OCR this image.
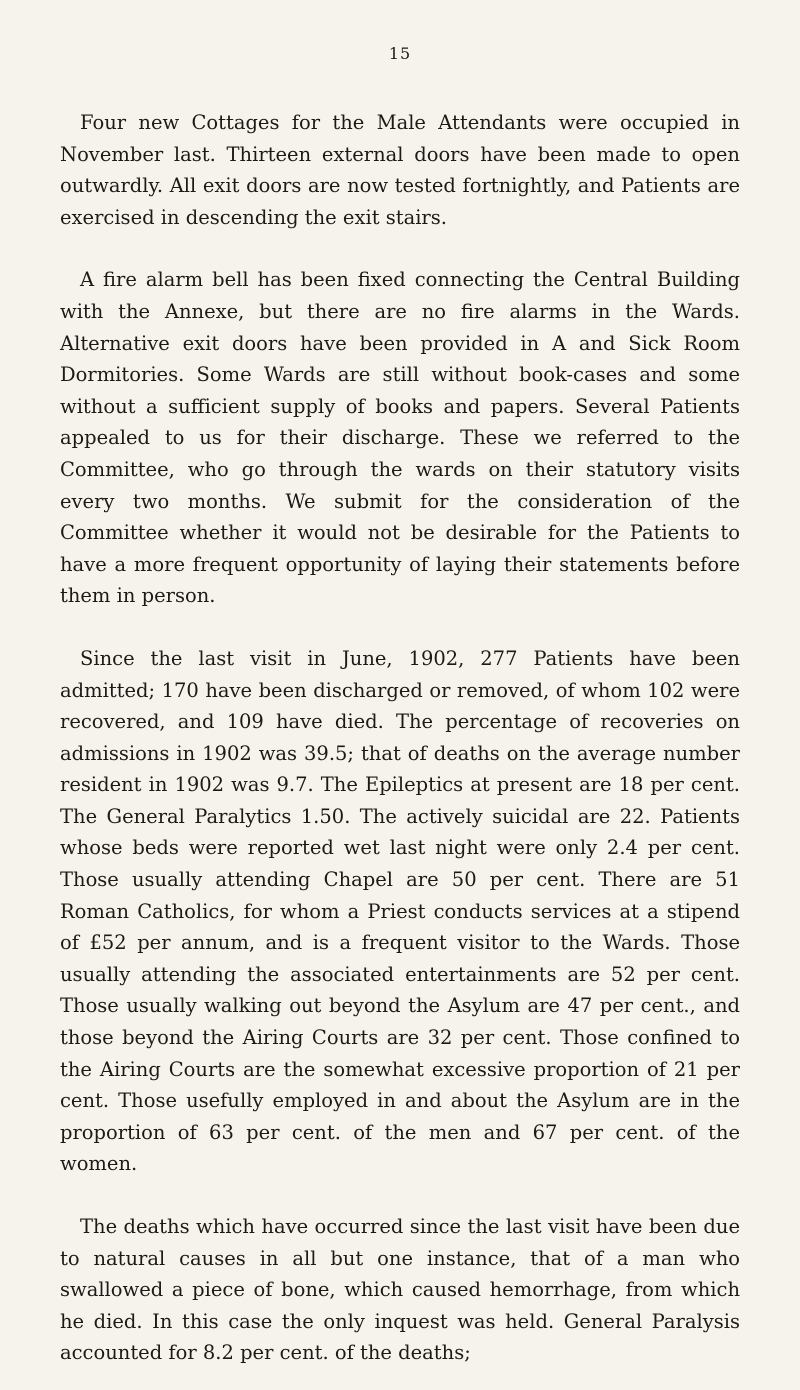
15

Four new Cottages for the Male Attendants were occupied in November last. Thirteen external doors have been made to open outwardly. All exit doors are now tested fortnightly, and Patients are exercised in descending the exit stairs.

A fire alarm bell has been fixed connecting the Central Building with the Annexe, but there are no fire alarms in the Wards. Alternative exit doors have been provided in A and Sick Room Dormitories. Some Wards are still without book-cases and some without a sufficient supply of books and papers. Several Patients appealed to us for their discharge. These we referred to the Committee, who go through the wards on their statutory visits every two months. We submit for the consideration of the Committee whether it would not be desirable for the Patients to have a more frequent opportunity of laying their statements before them in person.

Since the last visit in June, 1902, 277 Patients have been admitted; 170 have been discharged or removed, of whom 102 were recovered, and 109 have died. The percentage of recoveries on admissions in 1902 was 39.5; that of deaths on the average number resident in 1902 was 9.7. The Epileptics at present are 18 per cent. The General Paralytics 1.50. The actively suicidal are 22. Patients whose beds were reported wet last night were only 2.4 per cent. Those usually attending Chapel are 50 per cent. There are 51 Roman Catholics, for whom a Priest conducts services at a stipend of £52 per annum, and is a frequent visitor to the Wards. Those usually attending the associated entertainments are 52 per cent. Those usually walking out beyond the Asylum are 47 per cent., and those beyond the Airing Courts are 32 per cent. Those confined to the Airing Courts are the somewhat excessive proportion of 21 per cent. Those usefully employed in and about the Asylum are in the proportion of 63 per cent. of the men and 67 per cent. of the women.

The deaths which have occurred since the last visit have been due to natural causes in all but one instance, that of a man who swallowed a piece of bone, which caused hemorrhage, from which he died. In this case the only inquest was held. General Paralysis accounted for 8.2 per cent. of the deaths;
